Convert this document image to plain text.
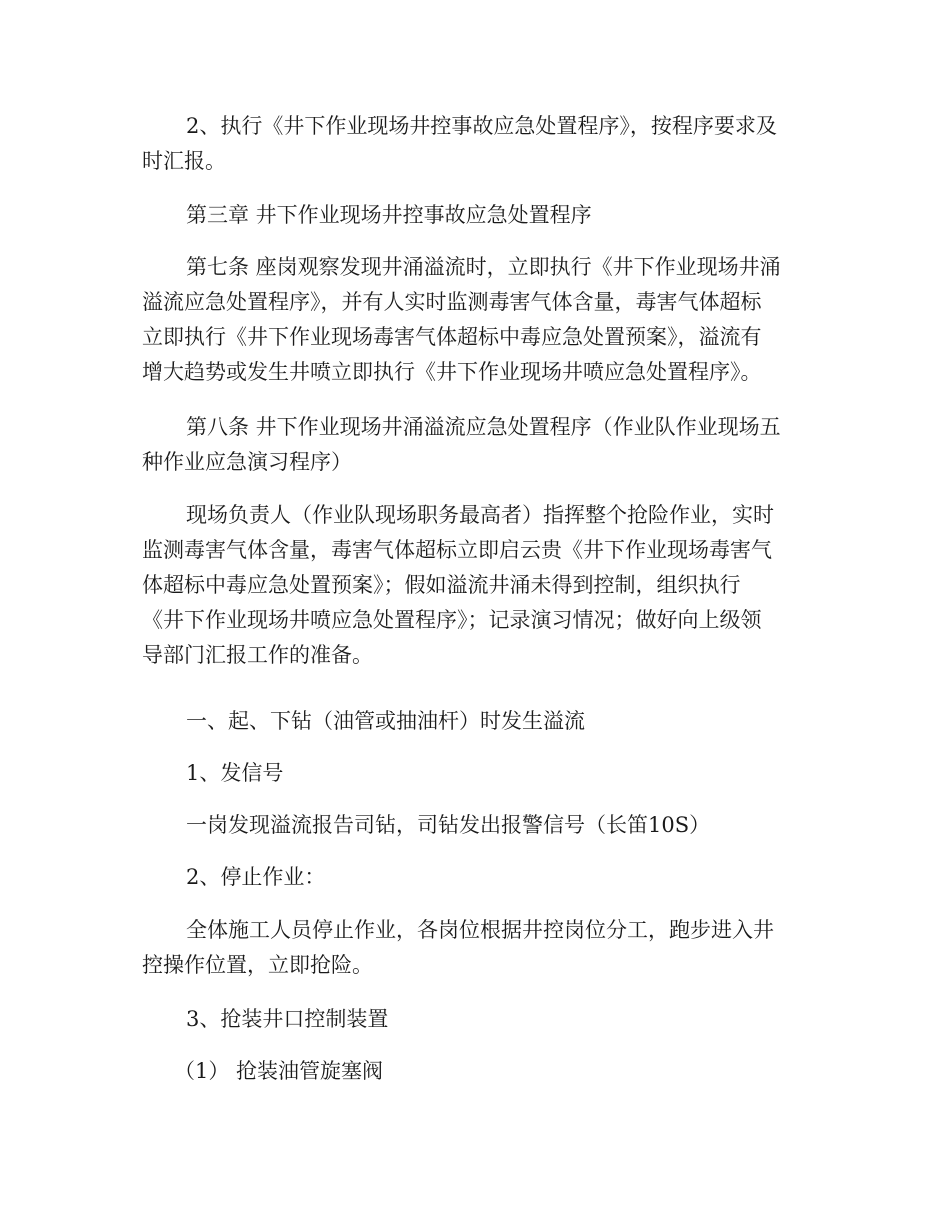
2、执行《井下作业现场井控事故应急处置程序》，按程序要求及
时汇报。

第三章 井下作业现场井控事故应急处置程序

第七条 座岗观察发现井涌溢流时，立即执行《井下作业现场井涌
溢流应急处置程序》，并有人实时监测毒害气体含量，毒害气体超标
立即执行《井下作业现场毒害气体超标中毒应急处置预案》，溢流有
增大趋势或发生井喷立即执行《井下作业现场井喷应急处置程序》。

第八条 井下作业现场井涌溢流应急处置程序（作业队作业现场五
种作业应急演习程序）

现场负责人（作业队现场职务最高者）指挥整个抢险作业，实时
监测毒害气体含量，毒害气体超标立即启云贵《井下作业现场毒害气
体超标中毒应急处置预案》；假如溢流井涌未得到控制，组织执行
《井下作业现场井喷应急处置程序》；记录演习情况；做好向上级领
导部门汇报工作的准备。

一、起、下钻（油管或抽油杆）时发生溢流

1、发信号

一岗发现溢流报告司钻，司钻发出报警信号（长笛10S）

2、停止作业：

全体施工人员停止作业，各岗位根据井控岗位分工，跑步进入井
控操作位置，立即抢险。

3、抢装井口控制装置

（1） 抢装油管旋塞阀
